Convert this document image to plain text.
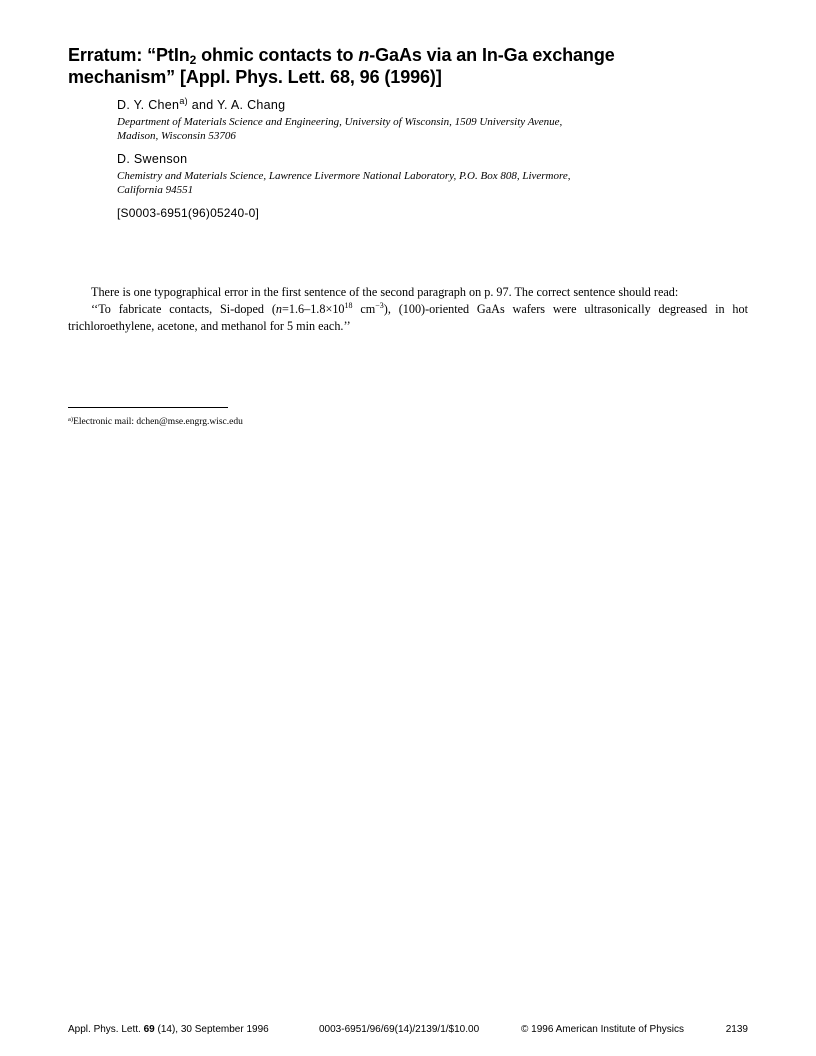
Erratum: “PtIn$_2$ ohmic contacts to n-GaAs via an In-Ga exchange mechanism” [Appl. Phys. Lett. 68, 96 (1996)]
D. Y. Chen$^{a)}$ and Y. A. Chang
Department of Materials Science and Engineering, University of Wisconsin, 1509 University Avenue,
Madison, Wisconsin 53706
D. Swenson
Chemistry and Materials Science, Lawrence Livermore National Laboratory, P.O. Box 808, Livermore,
California 94551
[S0003-6951(96)05240-0]

There is one typographical error in the first sentence of the second paragraph on p. 97. The correct sentence should read:

‘‘To fabricate contacts, Si-doped ($n=1.6-1.8\times 10^{18}$ $cm^{-3}$), (100)-oriented GaAs wafers were ultrasonically degreased in hot trichloroethylene, acetone, and methanol for 5 min each.’’

$^{a)}$Electronic mail: dchen@mse.engrg.wisc.edu
Appl. Phys. Lett. 69 (14), 30 September 1996	0003-6951/96/69(14)/2139/1/$10.00	© 1996 American Institute of Physics	2139
